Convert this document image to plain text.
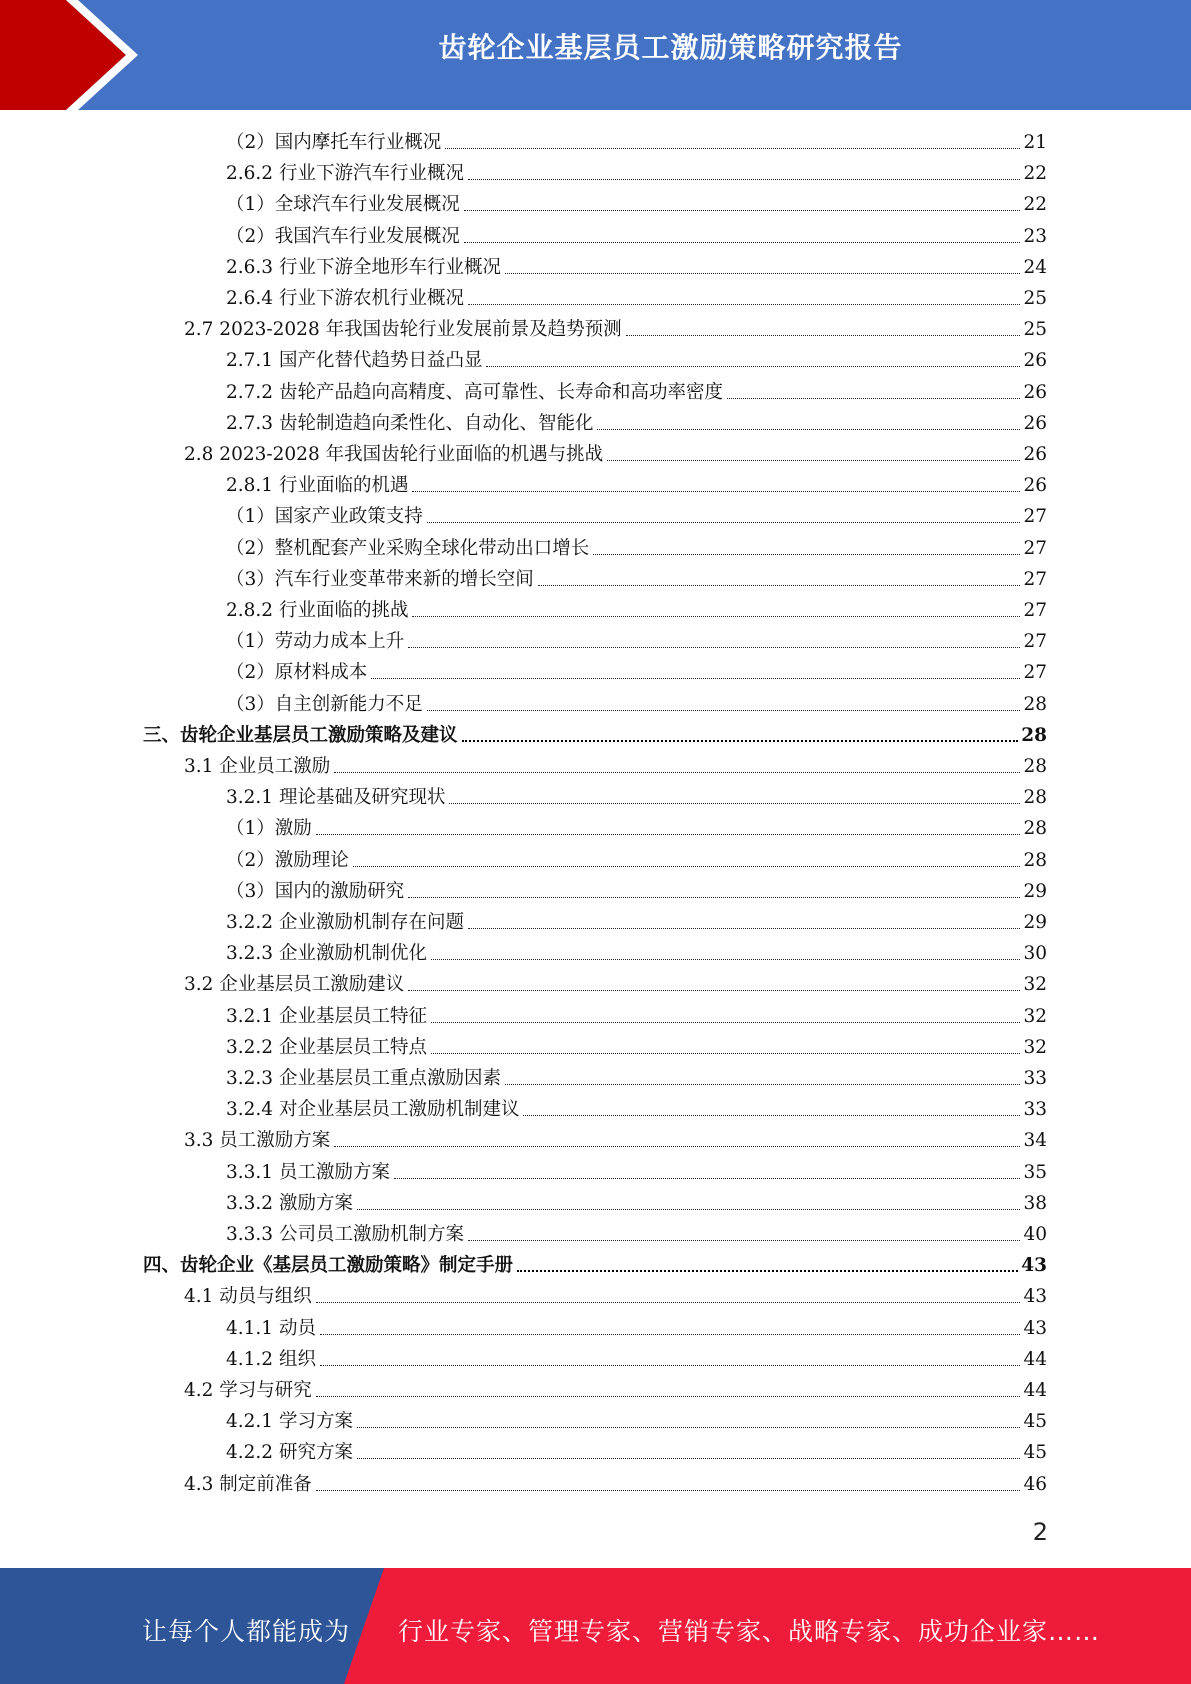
齿轮企业基层员工激励策略研究报告
（2）国内摩托车行业概况	21
2.6.2 行业下游汽车行业概况	22
（1）全球汽车行业发展概况	22
（2）我国汽车行业发展概况	23
2.6.3 行业下游全地形车行业概况	24
2.6.4 行业下游农机行业概况	25
2.7 2023-2028 年我国齿轮行业发展前景及趋势预测	25
2.7.1 国产化替代趋势日益凸显	26
2.7.2 齿轮产品趋向高精度、高可靠性、长寿命和高功率密度	26
2.7.3 齿轮制造趋向柔性化、自动化、智能化	26
2.8 2023-2028 年我国齿轮行业面临的机遇与挑战	26
2.8.1 行业面临的机遇	26
（1）国家产业政策支持	27
（2）整机配套产业采购全球化带动出口增长	27
（3）汽车行业变革带来新的增长空间	27
2.8.2 行业面临的挑战	27
（1）劳动力成本上升	27
（2）原材料成本	27
（3）自主创新能力不足	28
三、齿轮企业基层员工激励策略及建议	28
3.1 企业员工激励	28
3.2.1 理论基础及研究现状	28
（1）激励	28
（2）激励理论	28
（3）国内的激励研究	29
3.2.2 企业激励机制存在问题	29
3.2.3 企业激励机制优化	30
3.2 企业基层员工激励建议	32
3.2.1 企业基层员工特征	32
3.2.2 企业基层员工特点	32
3.2.3 企业基层员工重点激励因素	33
3.2.4 对企业基层员工激励机制建议	33
3.3 员工激励方案	34
3.3.1 员工激励方案	35
3.3.2 激励方案	38
3.3.3 公司员工激励机制方案	40
四、齿轮企业《基层员工激励策略》制定手册	43
4.1 动员与组织	43
4.1.1 动员	43
4.1.2 组织	44
4.2 学习与研究	44
4.2.1 学习方案	45
4.2.2 研究方案	45
4.3 制定前准备	46
2
让每个人都能成为 行业专家、管理专家、营销专家、战略专家、成功企业家……
